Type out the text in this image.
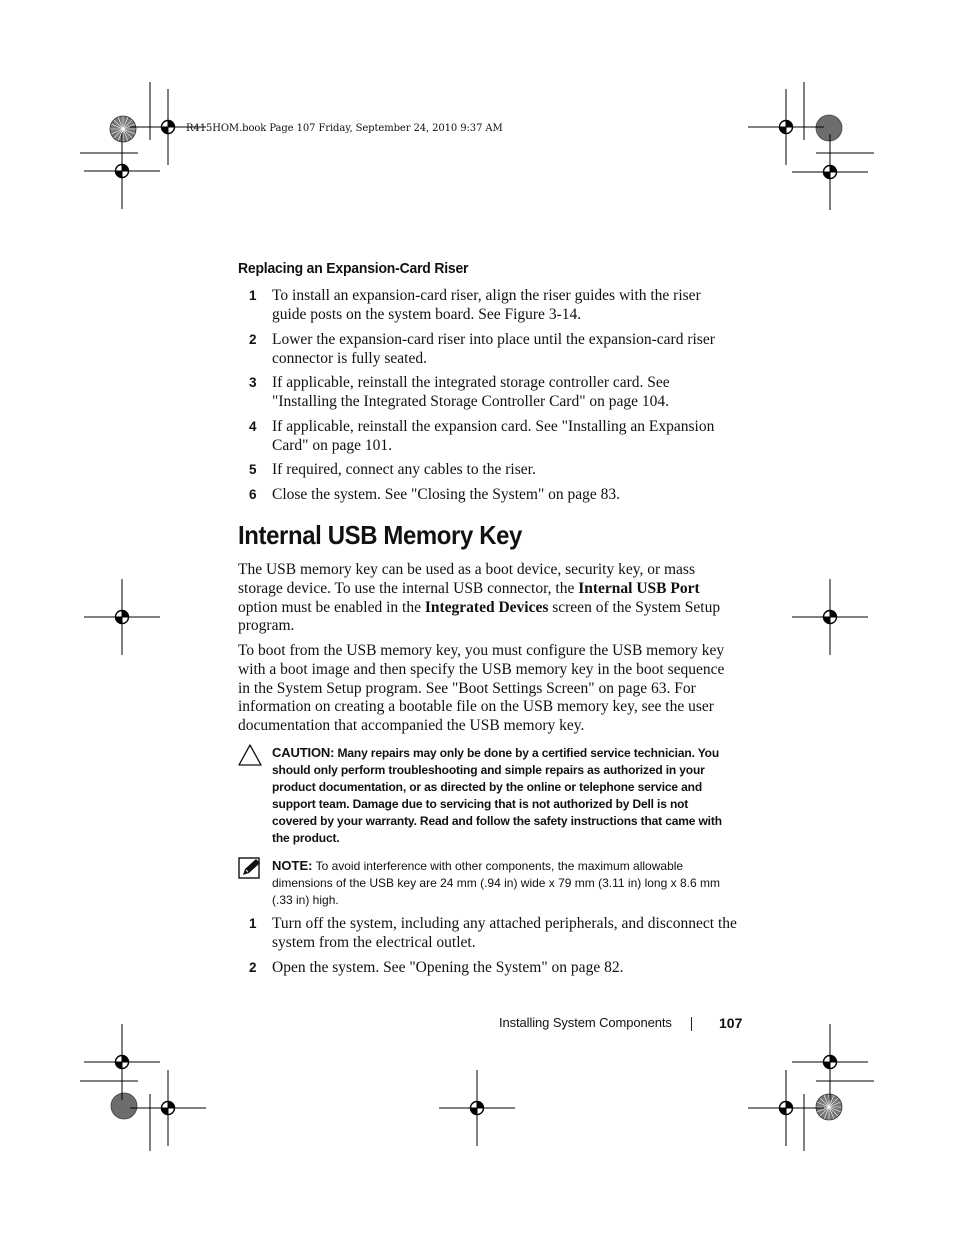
R415HOM.book Page 107 Friday, September 24, 2010 9:37 AM
Replacing an Expansion-Card Riser
1 To install an expansion-card riser, align the riser guides with the riser guide posts on the system board. See Figure 3-14.
2 Lower the expansion-card riser into place until the expansion-card riser connector is fully seated.
3 If applicable, reinstall the integrated storage controller card. See "Installing the Integrated Storage Controller Card" on page 104.
4 If applicable, reinstall the expansion card. See "Installing an Expansion Card" on page 101.
5 If required, connect any cables to the riser.
6 Close the system. See "Closing the System" on page 83.
Internal USB Memory Key

The USB memory key can be used as a boot device, security key, or mass storage device. To use the internal USB connector, the Internal USB Port option must be enabled in the Integrated Devices screen of the System Setup program.

To boot from the USB memory key, you must configure the USB memory key with a boot image and then specify the USB memory key in the boot sequence in the System Setup program. See "Boot Settings Screen" on page 63. For information on creating a bootable file on the USB memory key, see the user documentation that accompanied the USB memory key.

CAUTION: Many repairs may only be done by a certified service technician. You should only perform troubleshooting and simple repairs as authorized in your product documentation, or as directed by the online or telephone service and support team. Damage due to servicing that is not authorized by Dell is not covered by your warranty. Read and follow the safety instructions that came with the product.
NOTE: To avoid interference with other components, the maximum allowable dimensions of the USB key are 24 mm (.94 in) wide x 79 mm (3.11 in) long x 8.6 mm (.33 in) high.
1 Turn off the system, including any attached peripherals, and disconnect the system from the electrical outlet.
2 Open the system. See "Opening the System" on page 82.
Installing System Components	107
